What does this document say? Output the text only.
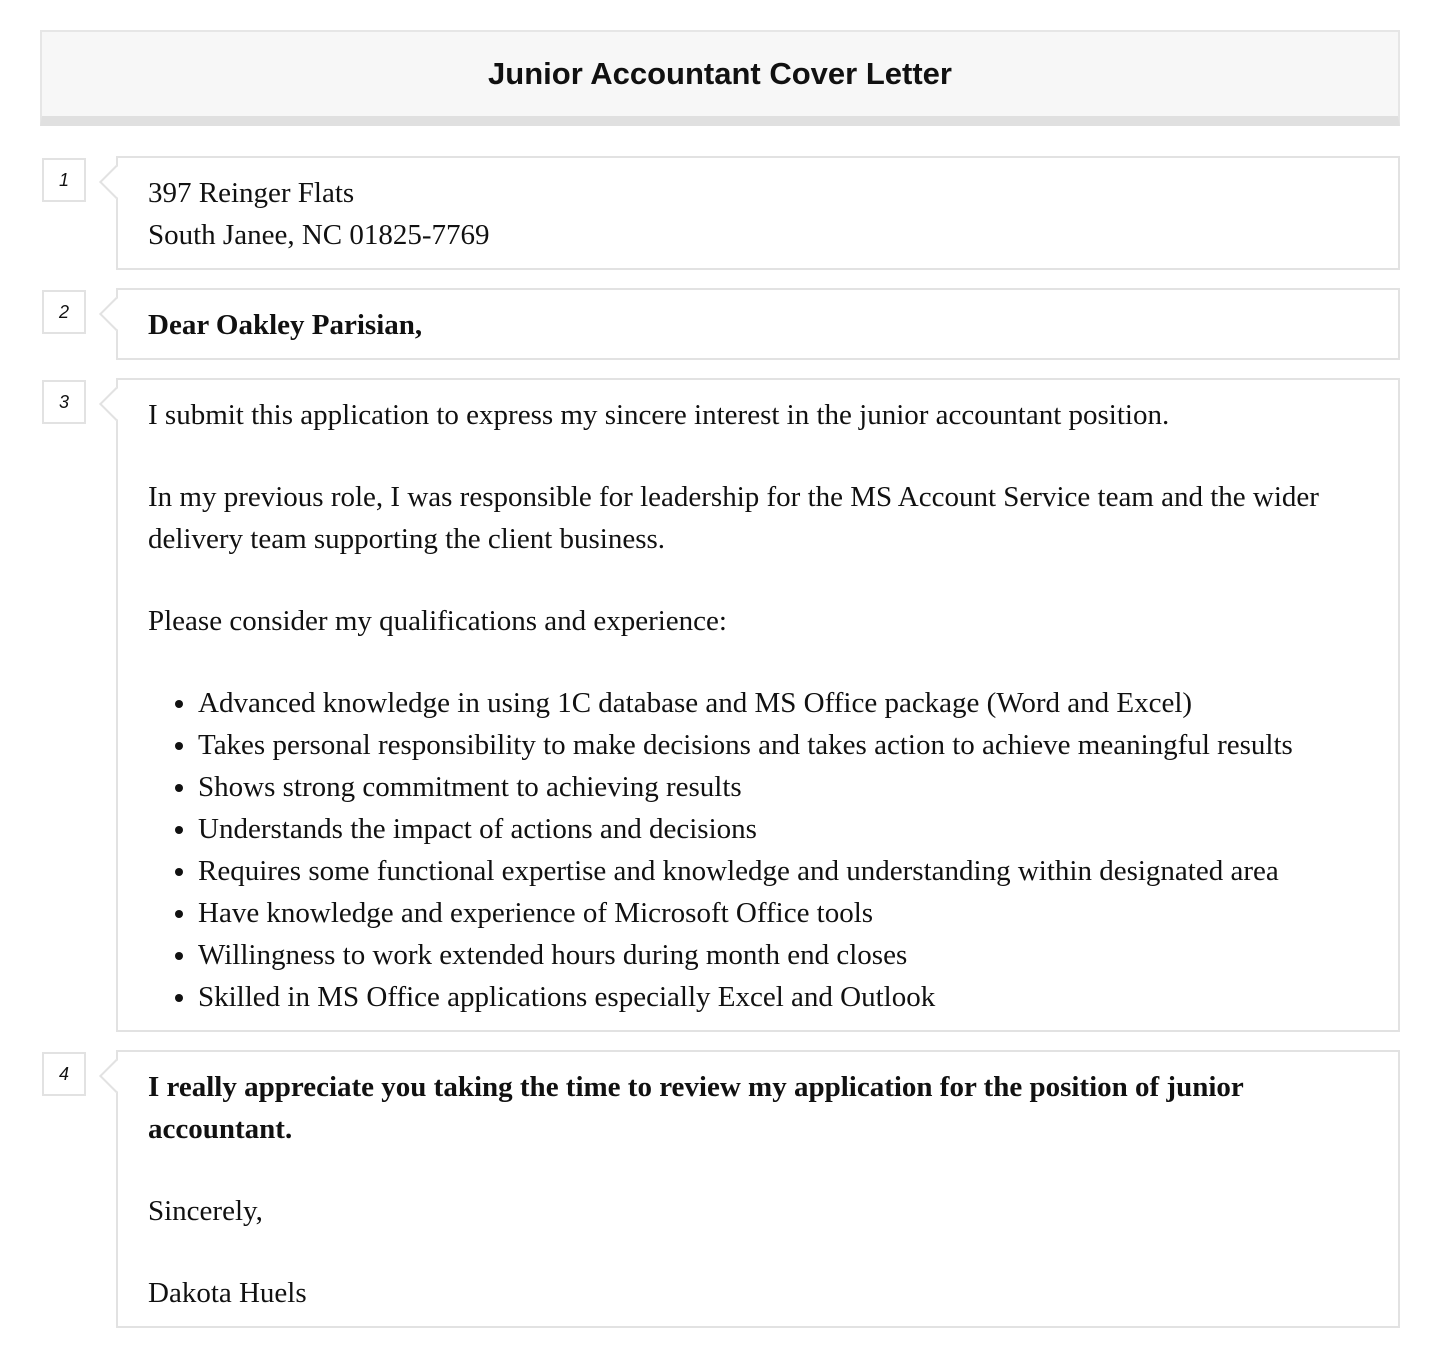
Junior Accountant Cover Letter
1	397 Reinger Flats

South Janee, NC 01825-7769

2	Dear Oakley Parisian,

3	I submit this application to express my sincere interest in the junior accountant position.

In my previous role, I was responsible for leadership for the MS Account Service team and the wider delivery team supporting the client business.

Please consider my qualifications and experience:

• Advanced knowledge in using 1C database and MS Office package (Word and Excel)
• Takes personal responsibility to make decisions and takes action to achieve meaningful results
• Shows strong commitment to achieving results
• Understands the impact of actions and decisions
• Requires some functional expertise and knowledge and understanding within designated area
• Have knowledge and experience of Microsoft Office tools
• Willingness to work extended hours during month end closes
• Skilled in MS Office applications especially Excel and Outlook
4	I really appreciate you taking the time to review my application for the position of junior accountant.

Sincerely,

Dakota Huels
